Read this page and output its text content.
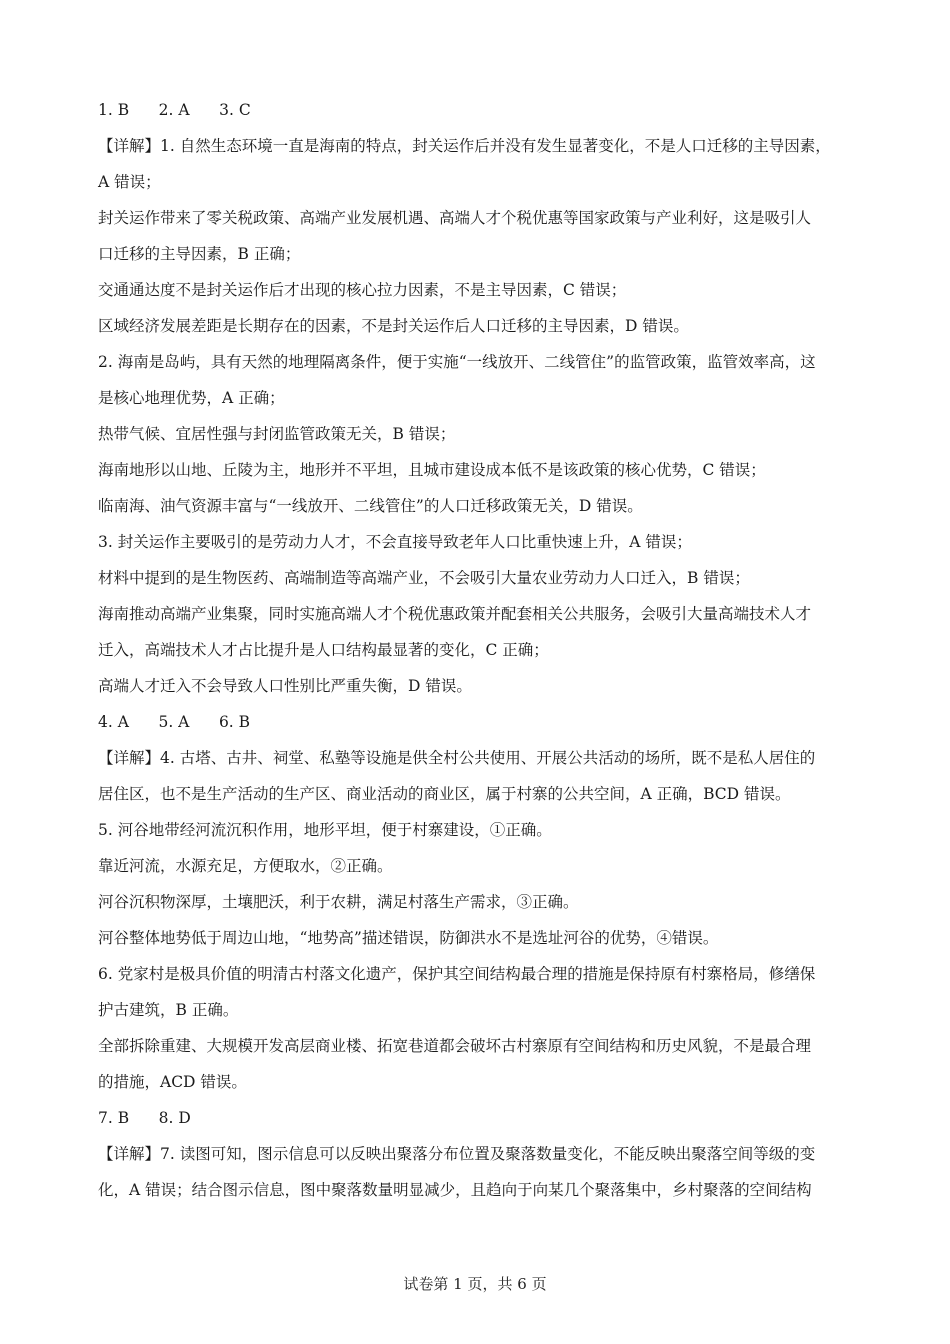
1. B      2. A      3. C
【详解】1. 自然生态环境一直是海南的特点，封关运作后并没有发生显著变化，不是人口迁移的主导因素，
A 错误；
封关运作带来了零关税政策、高端产业发展机遇、高端人才个税优惠等国家政策与产业利好，这是吸引人
口迁移的主导因素，B 正确；
交通通达度不是封关运作后才出现的核心拉力因素，不是主导因素，C 错误；
区域经济发展差距是长期存在的因素，不是封关运作后人口迁移的主导因素，D 错误。
2. 海南是岛屿，具有天然的地理隔离条件，便于实施“一线放开、二线管住”的监管政策，监管效率高，这
是核心地理优势，A 正确；
热带气候、宜居性强与封闭监管政策无关，B 错误；
海南地形以山地、丘陵为主，地形并不平坦，且城市建设成本低不是该政策的核心优势，C 错误；
临南海、油气资源丰富与“一线放开、二线管住”的人口迁移政策无关，D 错误。
3. 封关运作主要吸引的是劳动力人才，不会直接导致老年人口比重快速上升，A 错误；
材料中提到的是生物医药、高端制造等高端产业，不会吸引大量农业劳动力人口迁入，B 错误；
海南推动高端产业集聚，同时实施高端人才个税优惠政策并配套相关公共服务，会吸引大量高端技术人才
迁入，高端技术人才占比提升是人口结构最显著的变化，C 正确；
高端人才迁入不会导致人口性别比严重失衡，D 错误。
4. A      5. A      6. B
【详解】4. 古塔、古井、祠堂、私塾等设施是供全村公共使用、开展公共活动的场所，既不是私人居住的
居住区，也不是生产活动的生产区、商业活动的商业区，属于村寨的公共空间，A 正确，BCD 错误。
5. 河谷地带经河流沉积作用，地形平坦，便于村寨建设，①正确。
靠近河流，水源充足，方便取水，②正确。
河谷沉积物深厚，土壤肥沃，利于农耕，满足村落生产需求，③正确。
河谷整体地势低于周边山地，“地势高”描述错误，防御洪水不是选址河谷的优势，④错误。
6. 党家村是极具价值的明清古村落文化遗产，保护其空间结构最合理的措施是保持原有村寨格局，修缮保
护古建筑，B 正确。
全部拆除重建、大规模开发高层商业楼、拓宽巷道都会破坏古村寨原有空间结构和历史风貌，不是最合理
的措施，ACD 错误。
7. B      8. D
【详解】7. 读图可知，图示信息可以反映出聚落分布位置及聚落数量变化，不能反映出聚落空间等级的变
化，A 错误；结合图示信息，图中聚落数量明显减少，且趋向于向某几个聚落集中，乡村聚落的空间结构
试卷第 1 页，共 6 页
